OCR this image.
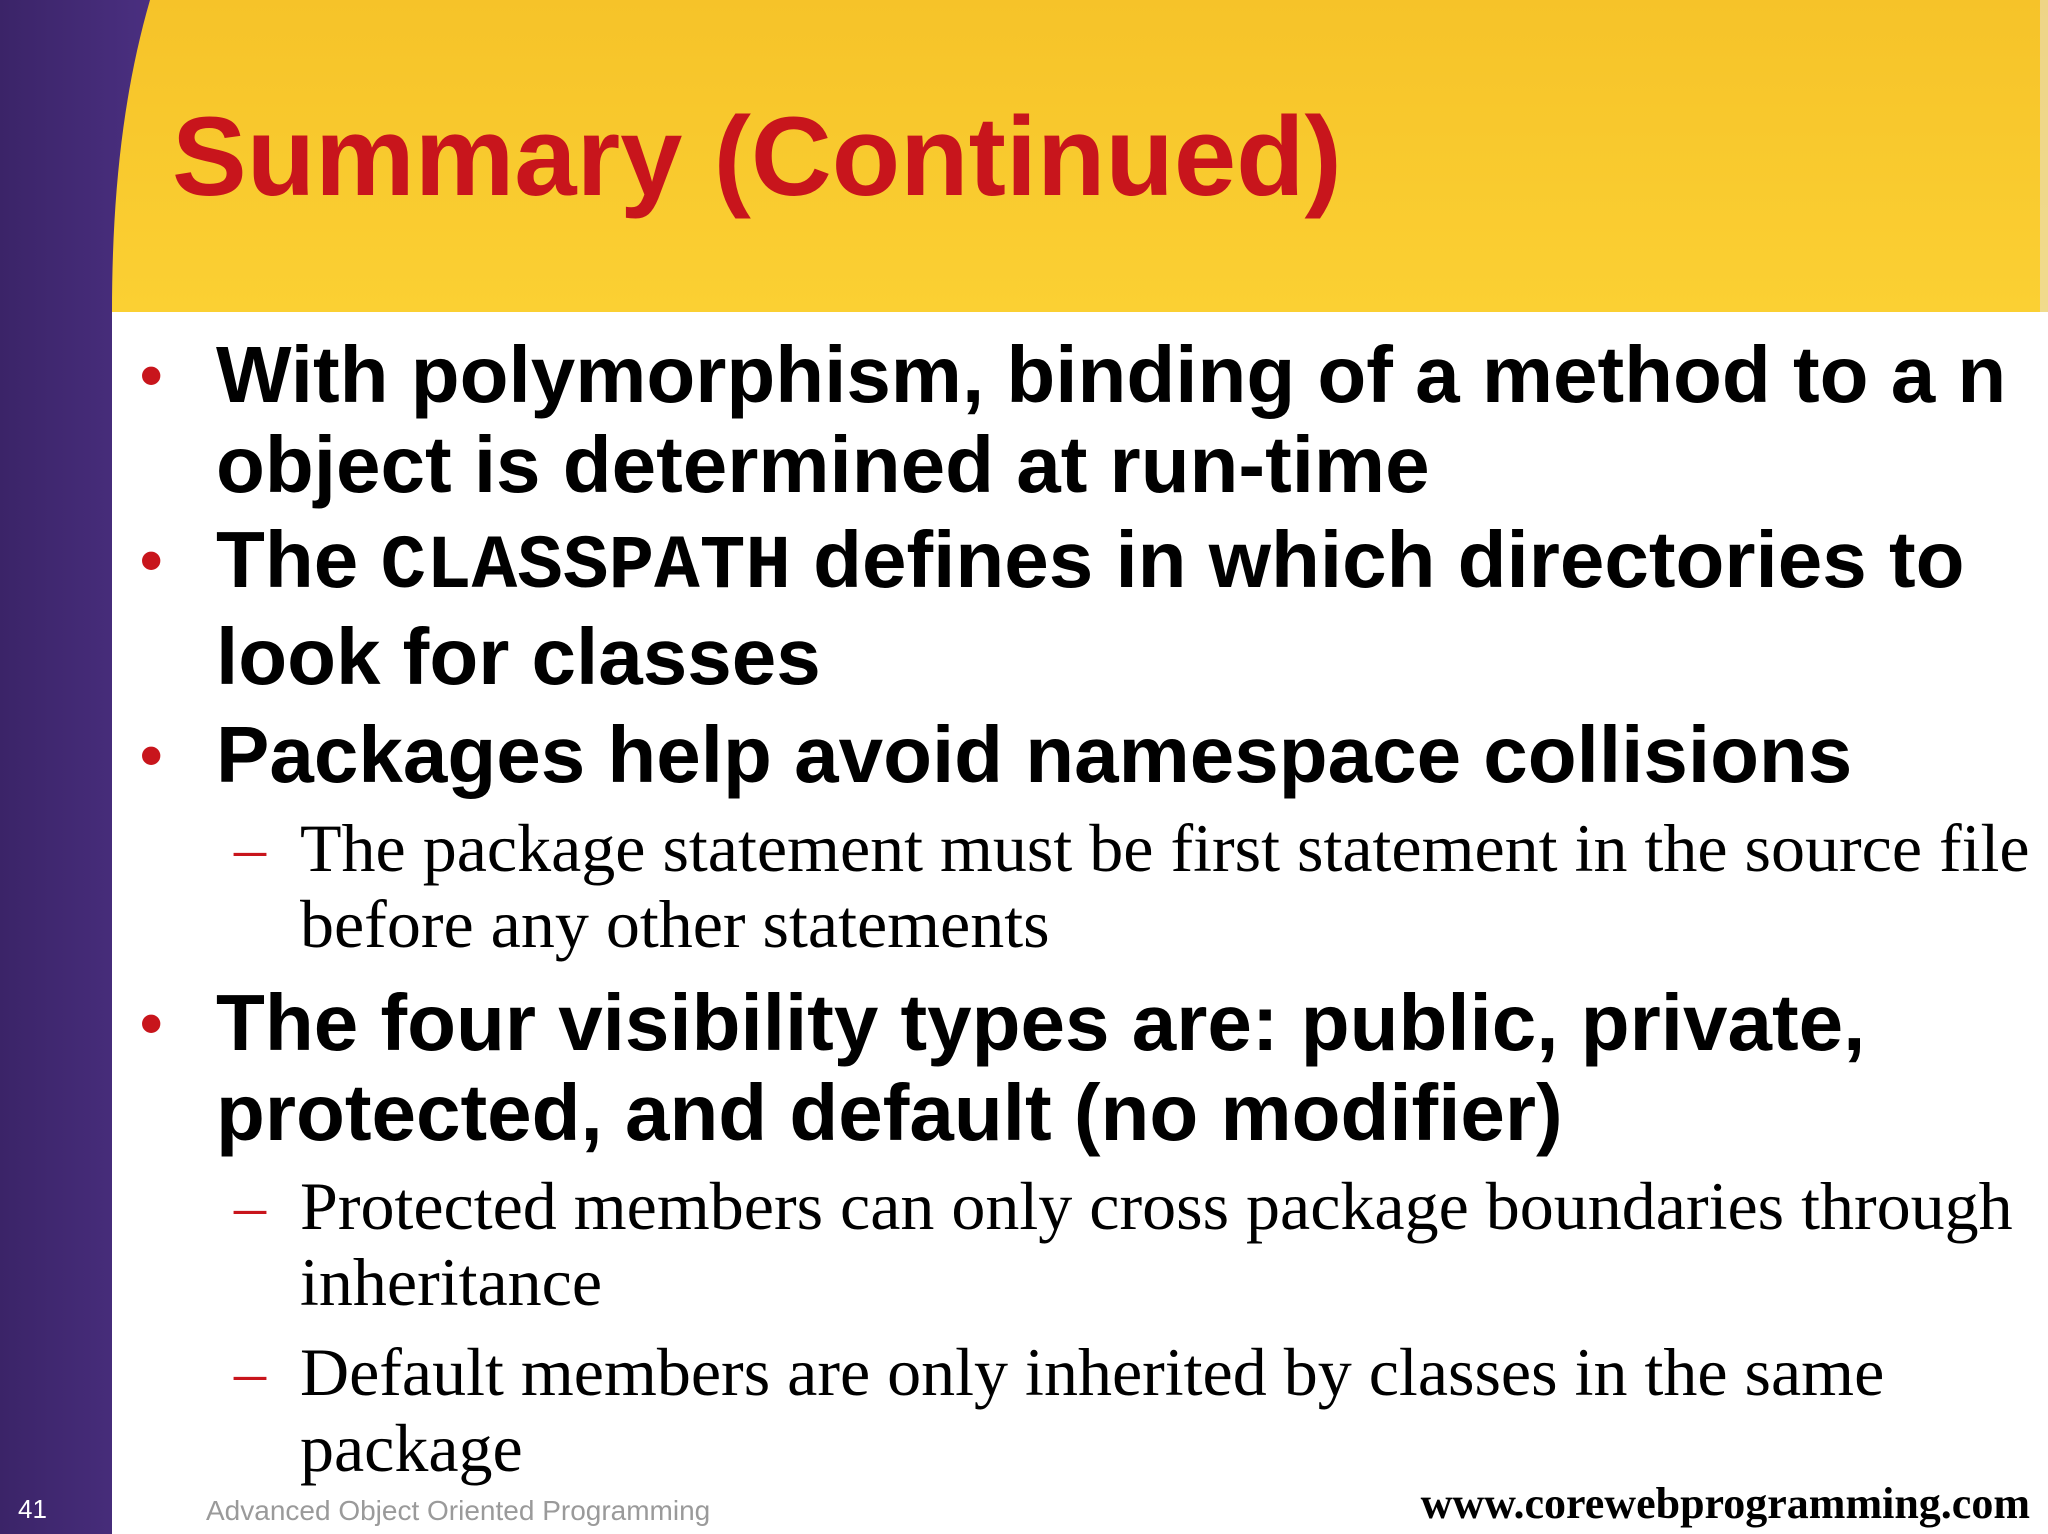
Summary (Continued)
• With polymorphism, binding of a method to a n object is determined at run-time
• The CLASSPATH defines in which directories to look for classes
• Packages help avoid namespace collisions
– The package statement must be first statement in the source file before any other statements
• The four visibility types are: public, private, protected, and default (no modifier)
– Protected members can only cross package boundaries through inheritance
– Default members are only inherited by classes in the same package
41	Advanced Object Oriented Programming	www.corewebprogramming.com
